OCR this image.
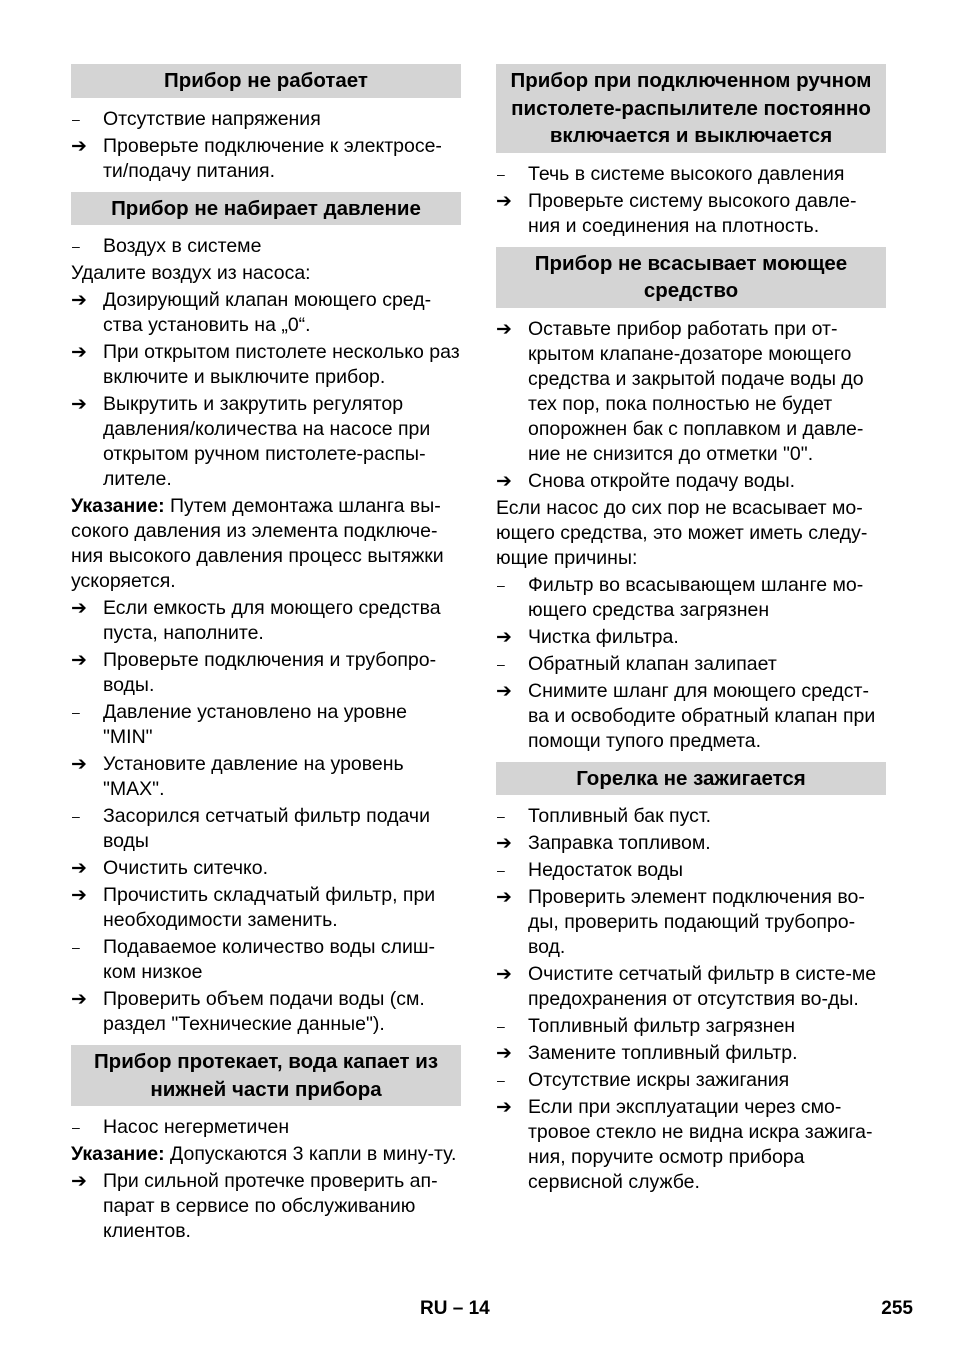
Прибор не работает
–	Отсутствие напряжения
➔ Проверьте подключение к электросе-ти/подачу питания.
Прибор не набирает давление
–	Воздух в системе
Удалите воздух из насоса:
➔ Дозирующий клапан моющего сред-ства установить на „0“.
➔ При открытом пистолете несколько раз включите и выключите прибор.
➔ Выкрутить и закрутить регулятор давления/количества на насосе при открытом ручном пистолете-распы-лителе.
Указание: Путем демонтажа шланга вы-сокого давления из элемента подключе-ния высокого давления процесс вытяжки ускоряется.
➔ Если емкость для моющего средства пуста, наполните.
➔ Проверьте подключения и трубопро-воды.
–	Давление установлено на уровне "MIN"
➔ Установите давление на уровень "MAX".
–	Засорился сетчатый фильтр подачи воды
➔ Очистить ситечко.
➔ Прочистить складчатый фильтр, при необходимости заменить.
–	Подаваемое количество воды слиш-ком низкое
➔ Проверить объем подачи воды (см. раздел "Технические данные").
Прибор протекает, вода капает из нижней части прибора
–	Насос негерметичен
Указание: Допускаются 3 капли в мину-ту.
➔ При сильной протечке проверить ап-парат в сервисе по обслуживанию клиентов.
Прибор при подключенном ручном пистолете-распылителе постоянно включается и выключается
–	Течь в системе высокого давления
➔ Проверьте систему высокого давле-ния и соединения на плотность.
Прибор не всасывает моющее средство
➔ Оставьте прибор работать при от-крытом клапане-дозаторе моющего средства и закрытой подаче воды до тех пор, пока полностью не будет опорожнен бак с поплавком и давле-ние не снизится до отметки "0".
➔ Снова откройте подачу воды.
Если насос до сих пор не всасывает мо-ющего средства, это может иметь следу-ющие причины:
–	Фильтр во всасывающем шланге мо-ющего средства загрязнен
➔ Чистка фильтра.
–	Обратный клапан залипает
➔ Снимите шланг для моющего средст-ва и освободите обратный клапан при помощи тупого предмета.
Горелка не зажигается
–	Топливный бак пуст.
➔ Заправка топливом.
–	Недостаток воды
➔ Проверить элемент подключения во-ды, проверить подающий трубопро-вод.
➔ Очистите сетчатый фильтр в систе-ме предохранения от отсутствия во-ды.
–	Топливный фильтр загрязнен
➔ Замените топливный фильтр.
–	Отсутствие искры зажигания
➔ Если при эксплуатации через смо-тровое стекло не видна искра зажига-ния, поручите осмотр прибора сервисной службе.
RU – 14	255
